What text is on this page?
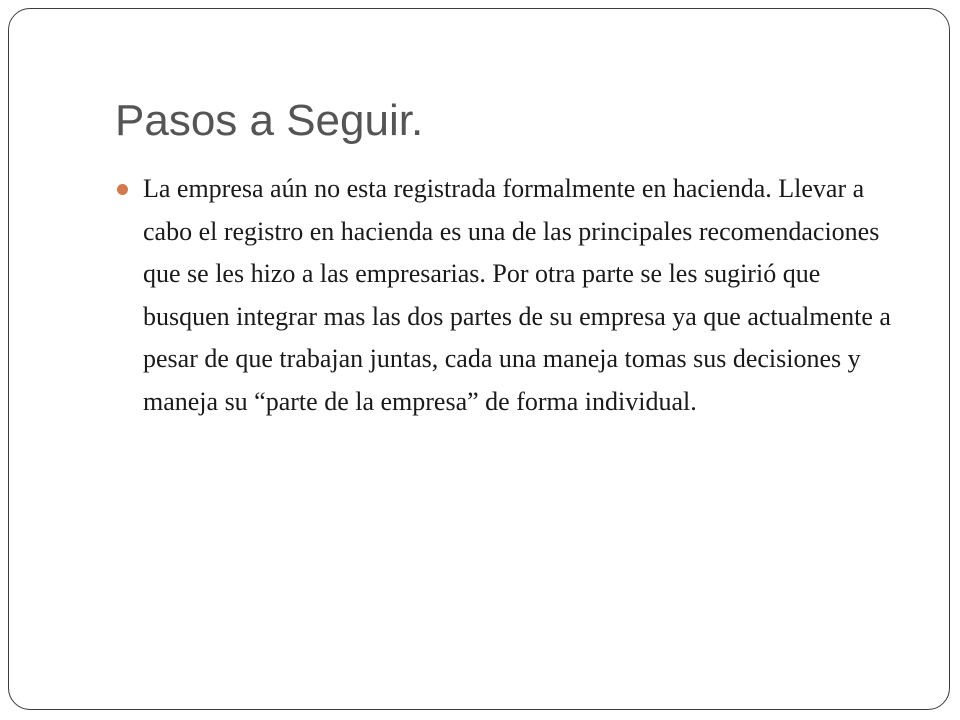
Pasos a Seguir.
La empresa aún no esta registrada formalmente en hacienda. Llevar a cabo el registro en hacienda es una de las principales recomendaciones que se les hizo a las empresarias. Por otra parte se les sugirió que busquen integrar mas las dos partes de su empresa ya que actualmente a pesar de que trabajan juntas, cada una maneja tomas sus decisiones y maneja su “parte de la empresa” de forma individual.
